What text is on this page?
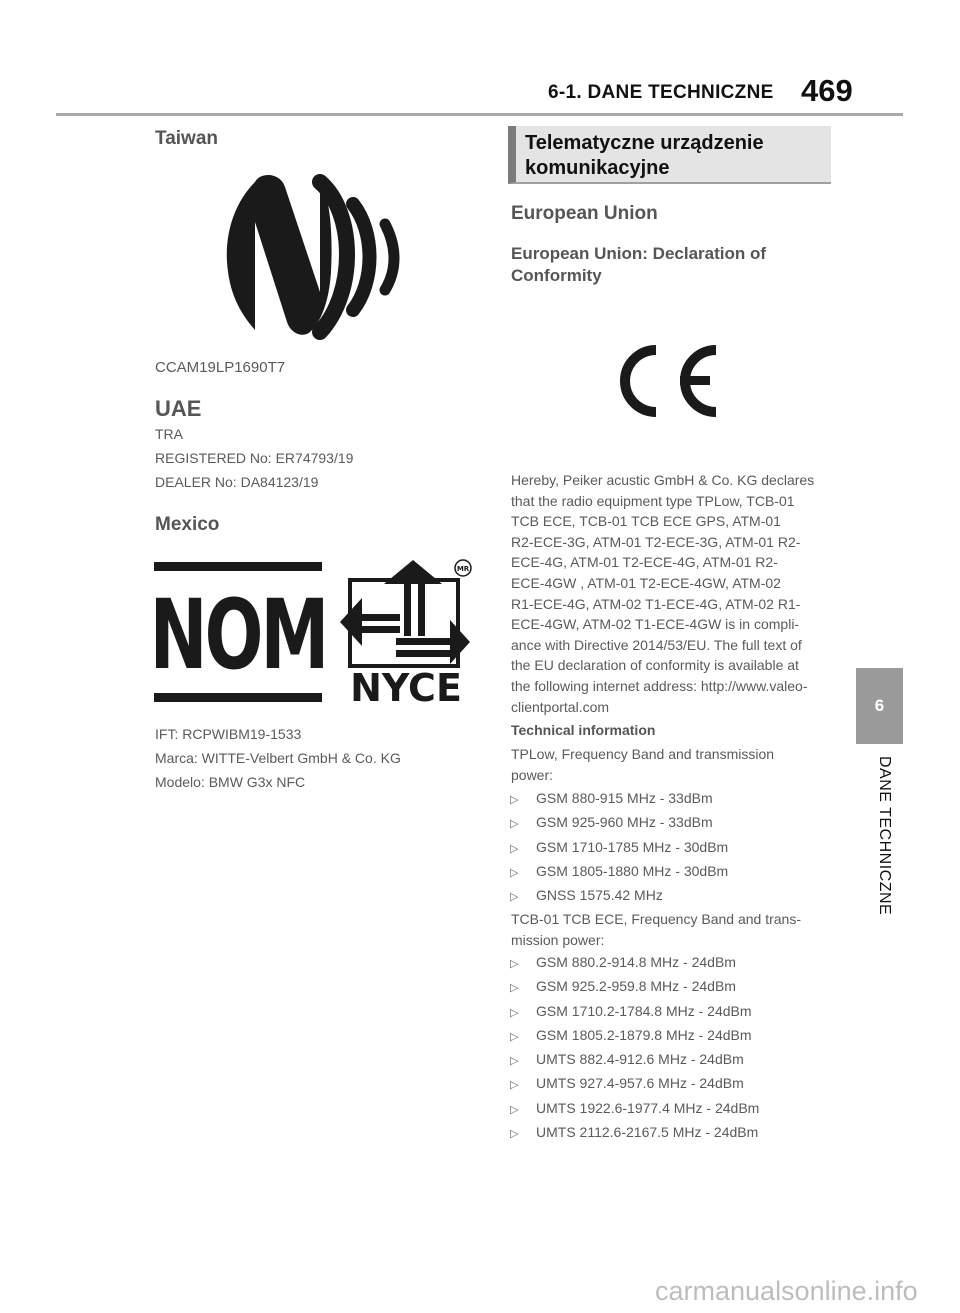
6-1. DANE TECHNICZNE 469
6
DANE TECHNICZNE
Taiwan
CCAM19LP1690T7
UAE
TRA
REGISTERED No: ER74793/19
DEALER No: DA84123/19
Mexico
NOM
MR
NYCE
IFT: RCPWIBM19-1533
Marca: WITTE-Velbert GmbH & Co. KG
Modelo: BMW G3x NFC
Telematyczne urządzenie
komunikacyjne
European Union
European Union: Declaration of
Conformity
Hereby, Peiker acustic GmbH & Co. KG declares
that the radio equipment type TPLow, TCB-01
TCB ECE, TCB-01 TCB ECE GPS, ATM-01
R2-ECE-3G, ATM-01 T2-ECE-3G, ATM-01 R2-
ECE-4G, ATM-01 T2-ECE-4G, ATM-01 R2-
ECE-4GW , ATM-01 T2-ECE-4GW, ATM-02
R1-ECE-4G, ATM-02 T1-ECE-4G, ATM-02 R1-
ECE-4GW, ATM-02 T1-ECE-4GW is in compli-
ance with Directive 2014/53/EU. The full text of
the EU declaration of conformity is available at
the following internet address: http://www.valeo-
clientportal.com
Technical information
TPLow, Frequency Band and transmission
power:
▷ GSM 880-915 MHz - 33dBm
▷ GSM 925-960 MHz - 33dBm
▷ GSM 1710-1785 MHz - 30dBm
▷ GSM 1805-1880 MHz - 30dBm
▷ GNSS 1575.42 MHz
TCB-01 TCB ECE, Frequency Band and trans-
mission power:
▷ GSM 880.2-914.8 MHz - 24dBm
▷ GSM 925.2-959.8 MHz - 24dBm
▷ GSM 1710.2-1784.8 MHz - 24dBm
▷ GSM 1805.2-1879.8 MHz - 24dBm
▷ UMTS 882.4-912.6 MHz - 24dBm
▷ UMTS 927.4-957.6 MHz - 24dBm
▷ UMTS 1922.6-1977.4 MHz - 24dBm
▷ UMTS 2112.6-2167.5 MHz - 24dBm
carmanualsonline.info
